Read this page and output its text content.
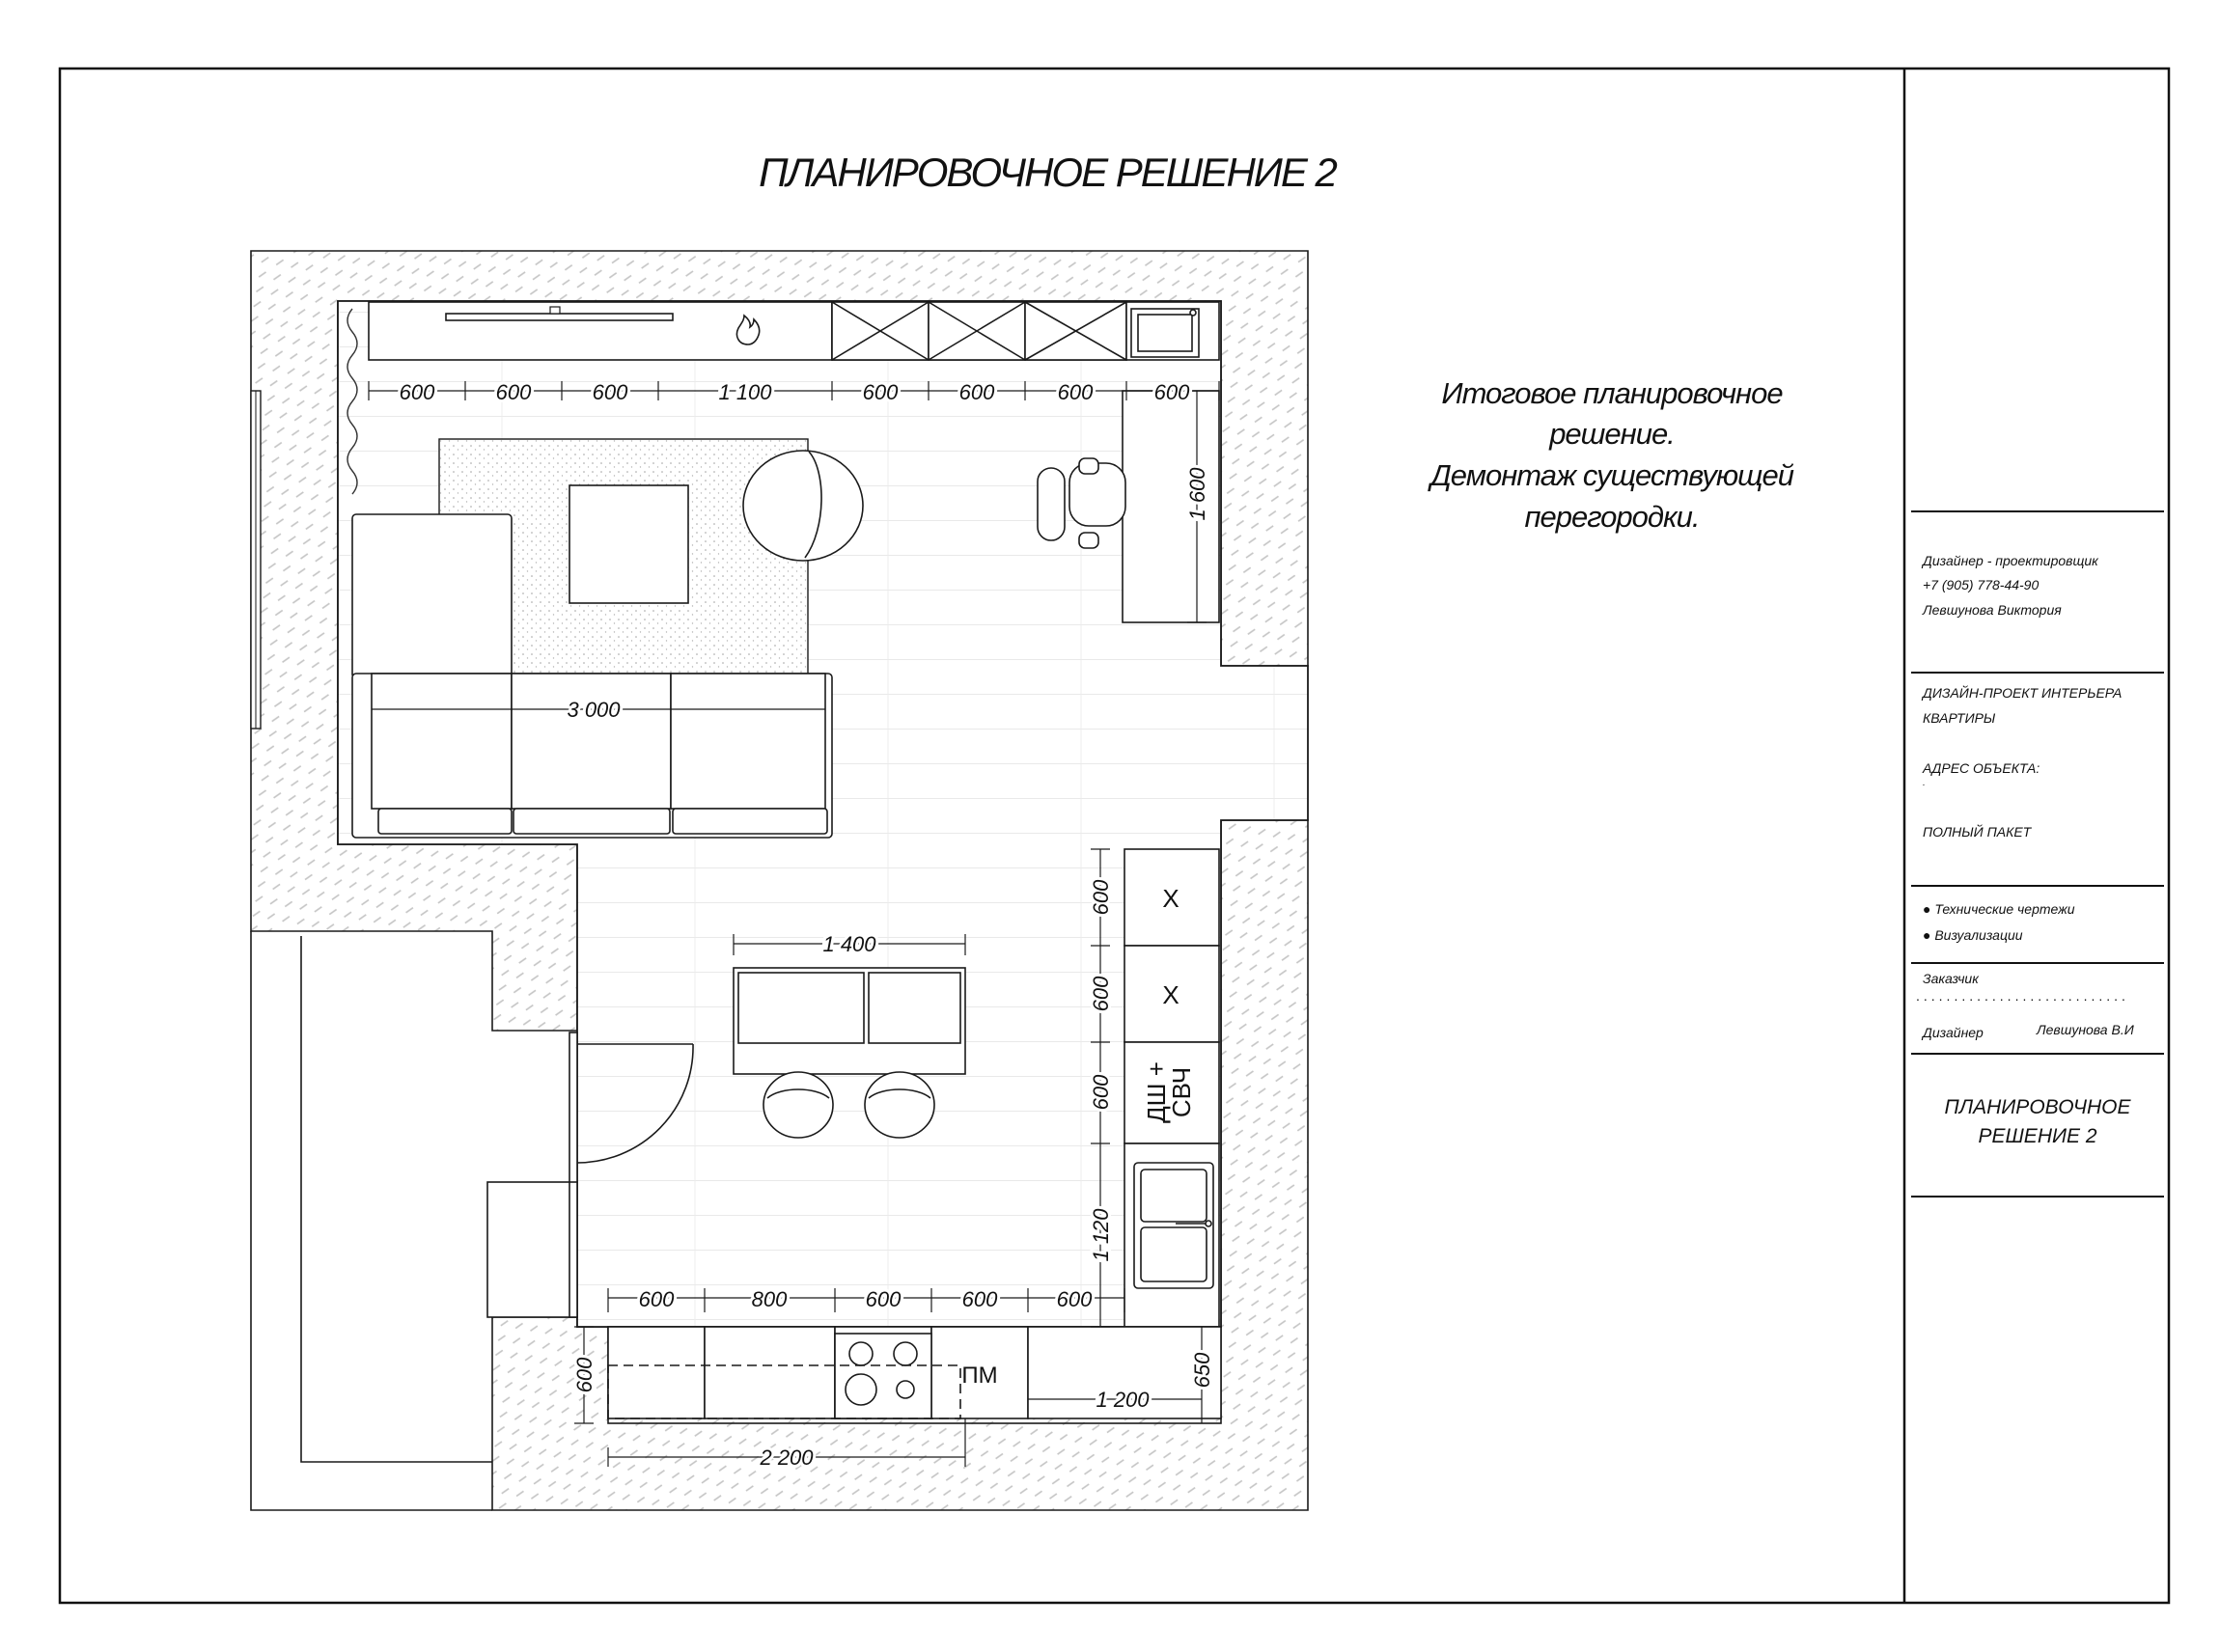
ПЛАНИРОВОЧНОЕ РЕШЕНИЕ 2
Итоговое планировочное
решение.
Демонтаж существующей
перегородки.
600	600	600	1 100	600	600	600	600
1 600
3 000
1 400
600
600
600
1 120
600	800	600	600	600
600	650
1 200
2 200
Х
Х
ДШ +
СВЧ
ПМ
Дизайнер - проектировщик
+7 (905) 778-44-90
Левшунова Виктория
ДИЗАЙН-ПРОЕКТ ИНТЕРЬЕРА
КВАРТИРЫ
АДРЕС ОБЪЕКТА:
.
ПОЛНЫЙ ПАКЕТ
● Технические чертежи
● Визуализации
Заказчик
............................
Дизайнер	Левшунова В.И
ПЛАНИРОВОЧНОЕ
РЕШЕНИЕ 2
